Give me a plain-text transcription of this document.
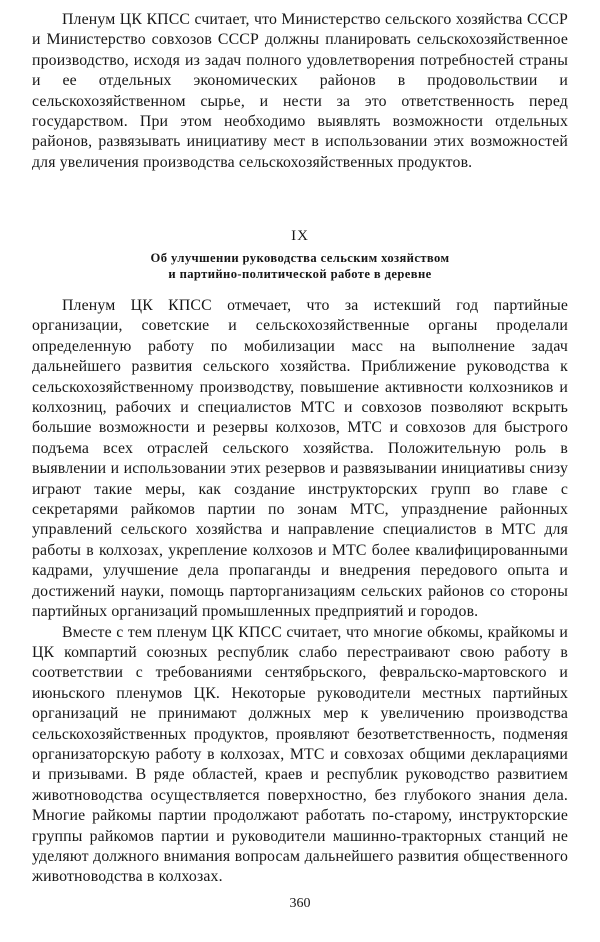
Пленум ЦК КПСС считает, что Министерство сельского хозяйства СССР и Министерство совхозов СССР должны планировать сельскохозяйственное производство, исходя из задач полного удовлетворения потребностей страны и ее отдельных экономических районов в продовольствии и сельскохозяйственном сырье, и нести за это ответственность перед государством. При этом необходимо выявлять возможности отдельных районов, развязывать инициативу мест в использовании этих возможностей для увеличения производства сельскохозяйственных продуктов.

IX
Об улучшении руководства сельским хозяйством
и партийно-политической работе в деревне

Пленум ЦК КПСС отмечает, что за истекший год партийные организации, советские и сельскохозяйственные органы проделали определенную работу по мобилизации масс на выполнение задач дальнейшего развития сельского хозяйства. Приближение руководства к сельскохозяйственному производству, повышение активности колхозников и колхозниц, рабочих и специалистов МТС и совхозов позволяют вскрыть большие возможности и резервы колхозов, МТС и совхозов для быстрого подъема всех отраслей сельского хозяйства. Положительную роль в выявлении и использовании этих резервов и развязывании инициативы снизу играют такие меры, как создание инструкторских групп во главе с секретарями райкомов партии по зонам МТС, упразднение районных управлений сельского хозяйства и направление специалистов в МТС для работы в колхозах, укрепление колхозов и МТС более квалифицированными кадрами, улучшение дела пропаганды и внедрения передового опыта и достижений науки, помощь парторганизациям сельских районов со стороны партийных организаций промышленных предприятий и городов.

Вместе с тем пленум ЦК КПСС считает, что многие обкомы, крайкомы и ЦК компартий союзных республик слабо перестраивают свою работу в соответствии с требованиями сентябрьского, февральско-мартовского и июньского пленумов ЦК. Некоторые руководители местных партийных организаций не принимают должных мер к увеличению производства сельскохозяйственных продуктов, проявляют безответственность, подменяя организаторскую работу в колхозах, МТС и совхозах общими декларациями и призывами. В ряде областей, краев и республик руководство развитием животноводства осуществляется поверхностно, без глубокого знания дела. Многие райкомы партии продолжают работать по-старому, инструкторские группы райкомов партии и руководители машинно-тракторных станций не уделяют должного внимания вопросам дальнейшего развития общественного животноводства в колхозах.

360
